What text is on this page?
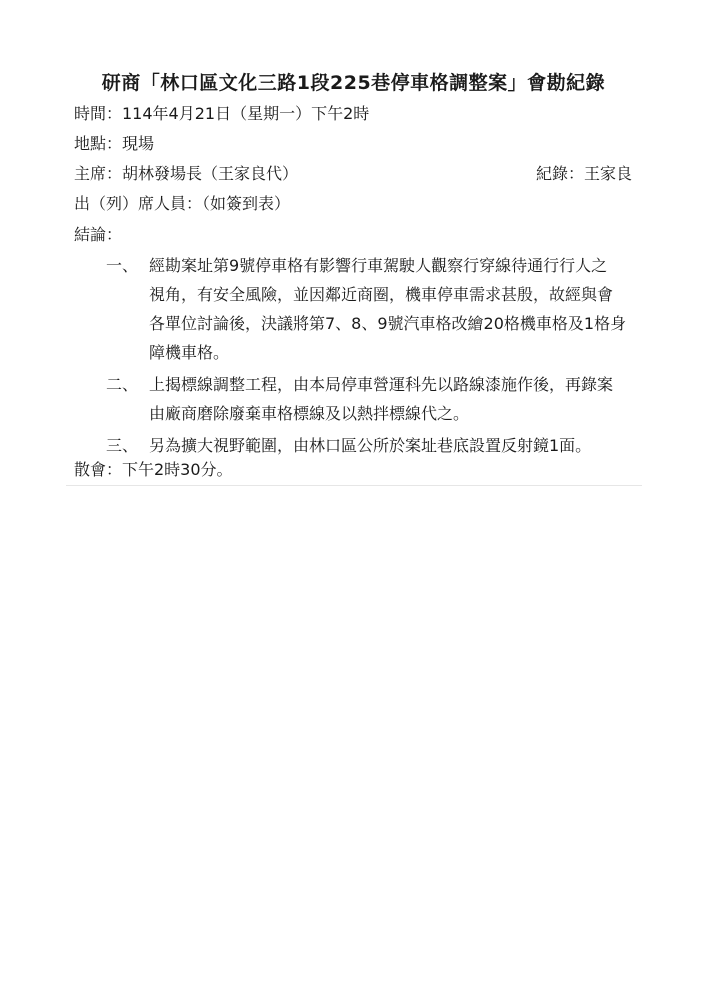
研商「林口區文化三路1段225巷停車格調整案」會勘紀錄
時間：114年4月21日（星期一）下午2時
地點：現場
主席：胡林發場長（王家良代）	紀錄：王家良
出（列）席人員：（如簽到表）
結論：
一、 經勘案址第9號停車格有影響行車駕駛人觀察行穿線待通行行人之
視角，有安全風險，並因鄰近商圈，機車停車需求甚殷，故經與會
各單位討論後，決議將第7、8、9號汽車格改繪20格機車格及1格身
障機車格。
二、 上揭標線調整工程，由本局停車營運科先以路線漆施作後，再錄案
由廠商磨除廢棄車格標線及以熱拌標線代之。
三、 另為擴大視野範圍，由林口區公所於案址巷底設置反射鏡1面。
散會：下午2時30分。
